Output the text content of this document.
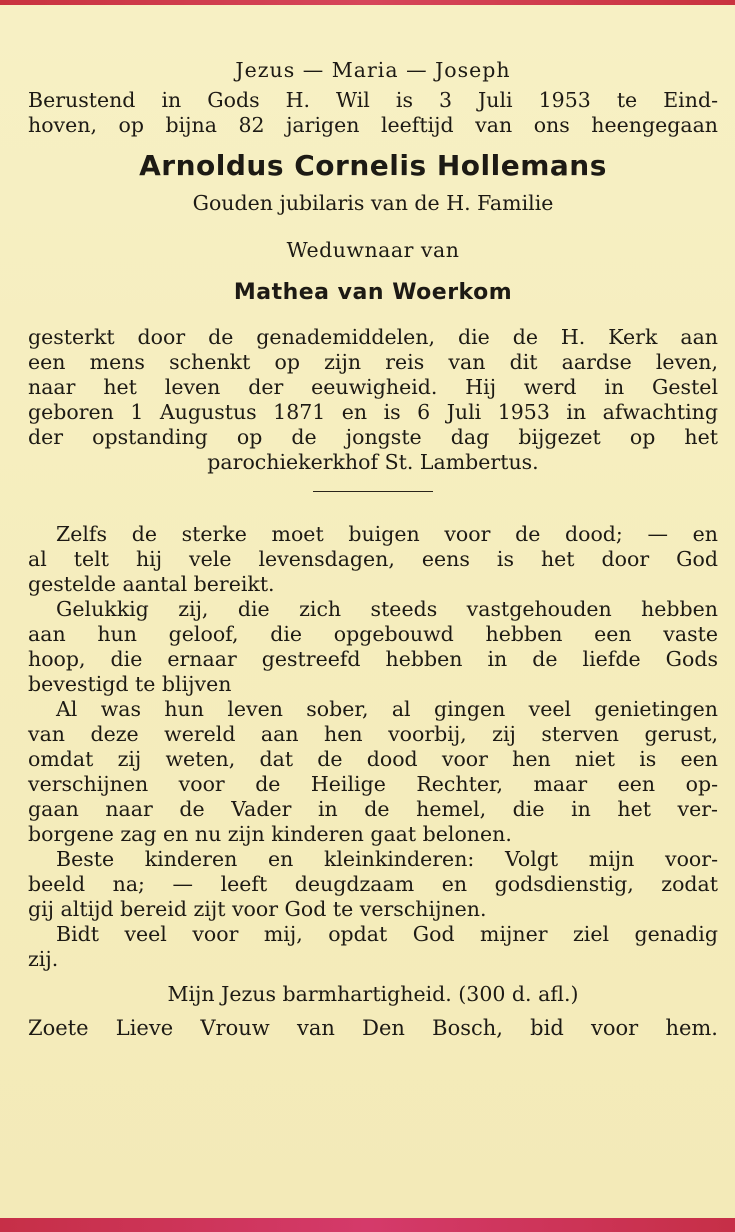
Jezus — Maria — Joseph
Berustend in Gods H. Wil is 3 Juli 1953 te Eind-
hoven, op bijna 82 jarigen leeftijd van ons heengegaan
Arnoldus Cornelis Hollemans
Gouden jubilaris van de H. Familie
Weduwnaar van
Mathea van Woerkom
gesterkt door de genademiddelen, die de H. Kerk aan
een mens schenkt op zijn reis van dit aardse leven,
naar het leven der eeuwigheid. Hij werd in Gestel
geboren 1 Augustus 1871 en is 6 Juli 1953 in afwachting
der opstanding op de jongste dag bijgezet op het
parochiekerkhof St. Lambertus.
Zelfs de sterke moet buigen voor de dood; — en
al telt hij vele levensdagen, eens is het door God
gestelde aantal bereikt.
Gelukkig zij, die zich steeds vastgehouden hebben
aan hun geloof, die opgebouwd hebben een vaste
hoop, die ernaar gestreefd hebben in de liefde Gods
bevestigd te blijven
Al was hun leven sober, al gingen veel genietingen
van deze wereld aan hen voorbij, zij sterven gerust,
omdat zij weten, dat de dood voor hen niet is een
verschijnen voor de Heilige Rechter, maar een op-
gaan naar de Vader in de hemel, die in het ver-
borgene zag en nu zijn kinderen gaat belonen.
Beste kinderen en kleinkinderen: Volgt mijn voor-
beeld na; — leeft deugdzaam en godsdienstig, zodat
gij altijd bereid zijt voor God te verschijnen.
Bidt veel voor mij, opdat God mijner ziel genadig
zij.
Mijn Jezus barmhartigheid. (300 d. afl.)
Zoete Lieve Vrouw van Den Bosch, bid voor hem.
